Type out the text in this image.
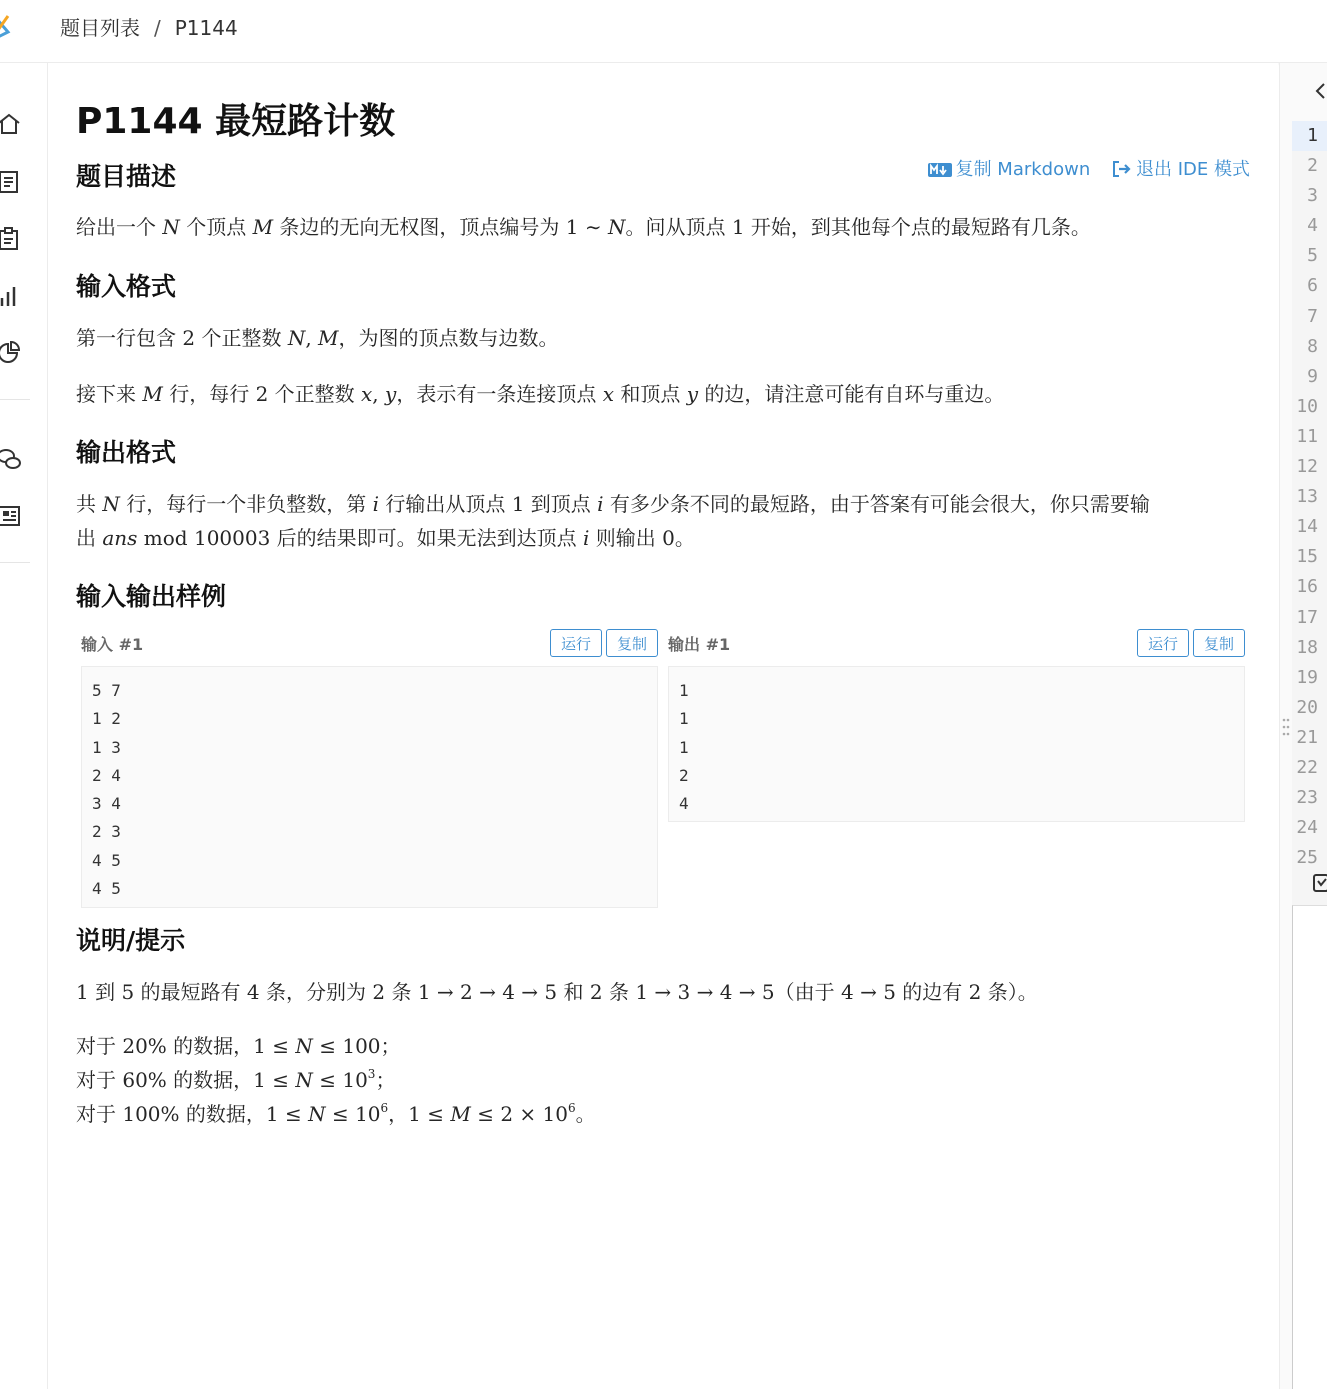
题目列表 / P1144
P1144 最短路计数
题目描述	复制 Markdown	退出 IDE 模式
给出一个 N 个顶点 M 条边的无向无权图，顶点编号为 1 ∼ N。问从顶点 1 开始，到其他每个点的最短路有几条。
输入格式
第一行包含 2 个正整数 N, M，为图的顶点数与边数。
接下来 M 行，每行 2 个正整数 x, y，表示有一条连接顶点 x 和顶点 y 的边，请注意可能有自环与重边。
输出格式
共 N 行，每行一个非负整数，第 i 行输出从顶点 1 到顶点 i 有多少条不同的最短路，由于答案有可能会很大，你只需要输
出 ans mod 100003 后的结果即可。如果无法到达顶点 i 则输出 0。
输入输出样例
输入 #1	运行	复制
5 7
1 2
1 3
2 4
3 4
2 3
4 5
4 5
输出 #1	运行	复制
1
1
1
2
4
说明/提示
1 到 5 的最短路有 4 条，分别为 2 条 1 → 2 → 4 → 5 和 2 条 1 → 3 → 4 → 5（由于 4 → 5 的边有 2 条）。
对于 20% 的数据，1 ≤ N ≤ 100；
对于 60% 的数据，$1 \le N \le 10^3$；
对于 100% 的数据，$1 \le N \le 10^6$，$1 \le M \le 2 \times 10^6$。
1
2
3
4
5
6
7
8
9
10
11
12
13
14
15
16
17
18
19
20
21
22
23
24
25
